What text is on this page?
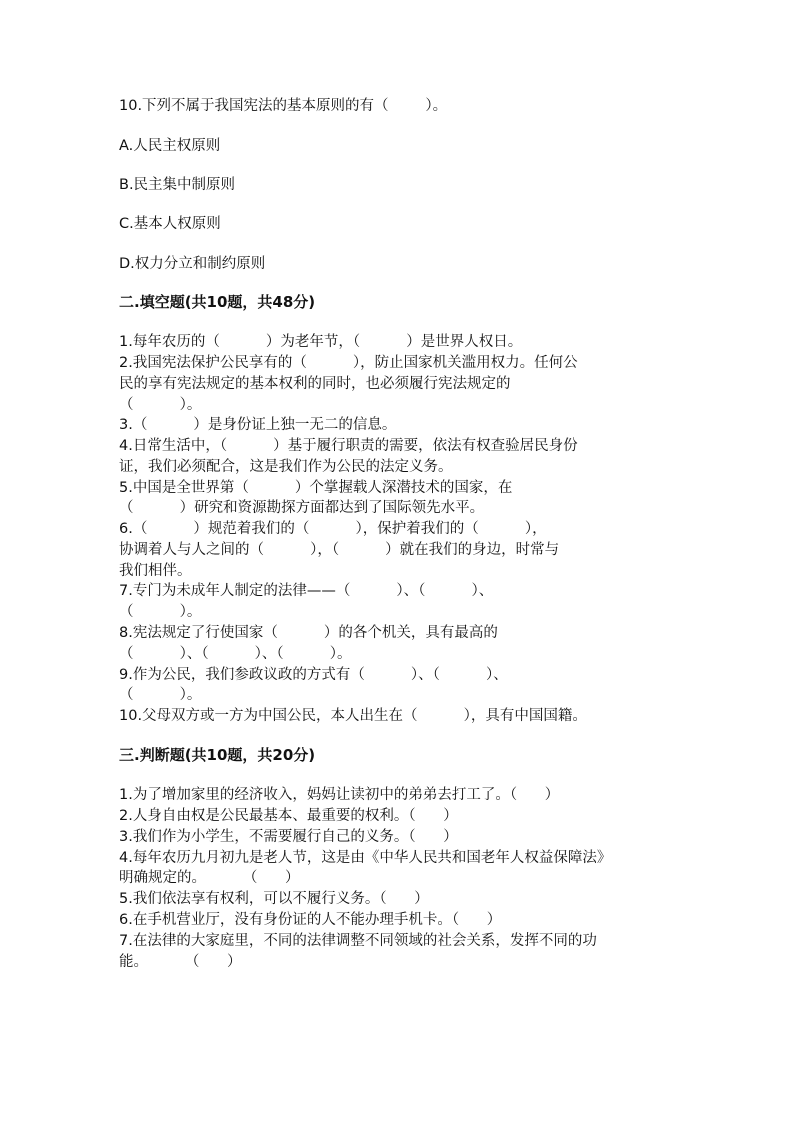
10.下列不属于我国宪法的基本原则的有（        ）。
A.人民主权原则
B.民主集中制原则
C.基本人权原则
D.权力分立和制约原则
二.填空题(共10题，共48分)
1.每年农历的（          ）为老年节，（          ）是世界人权日。
2.我国宪法保护公民享有的（          ），防止国家机关滥用权力。任何公
民的享有宪法规定的基本权利的同时，也必须履行宪法规定的
（          ）。
3.（          ）是身份证上独一无二的信息。
4.日常生活中，（          ）基于履行职责的需要，依法有权查验居民身份
证，我们必须配合，这是我们作为公民的法定义务。
5.中国是全世界第（          ）个掌握载人深潜技术的国家，在
（          ）研究和资源勘探方面都达到了国际领先水平。
6.（          ）规范着我们的（          ），保护着我们的（          ），
协调着人与人之间的（          ），（          ）就在我们的身边，时常与
我们相伴。
7.专门为未成年人制定的法律——（          ）、（          ）、
（          ）。
8.宪法规定了行使国家（          ）的各个机关，具有最高的
（          ）、（          ）、（          ）。
9.作为公民，我们参政议政的方式有（          ）、（          ）、
（          ）。
10.父母双方或一方为中国公民，本人出生在（          ），具有中国国籍。
三.判断题(共10题，共20分)
1.为了增加家里的经济收入，妈妈让读初中的弟弟去打工了。（      ）
2.人身自由权是公民最基本、最重要的权利。（      ）
3.我们作为小学生，不需要履行自己的义务。（      ）
4.每年农历九月初九是老人节，这是由《中华人民共和国老年人权益保障法》
明确规定的。        （      ）
5.我们依法享有权利，可以不履行义务。（      ）
6.在手机营业厅，没有身份证的人不能办理手机卡。（      ）
7.在法律的大家庭里，不同的法律调整不同领域的社会关系，发挥不同的功
能。        （      ）
